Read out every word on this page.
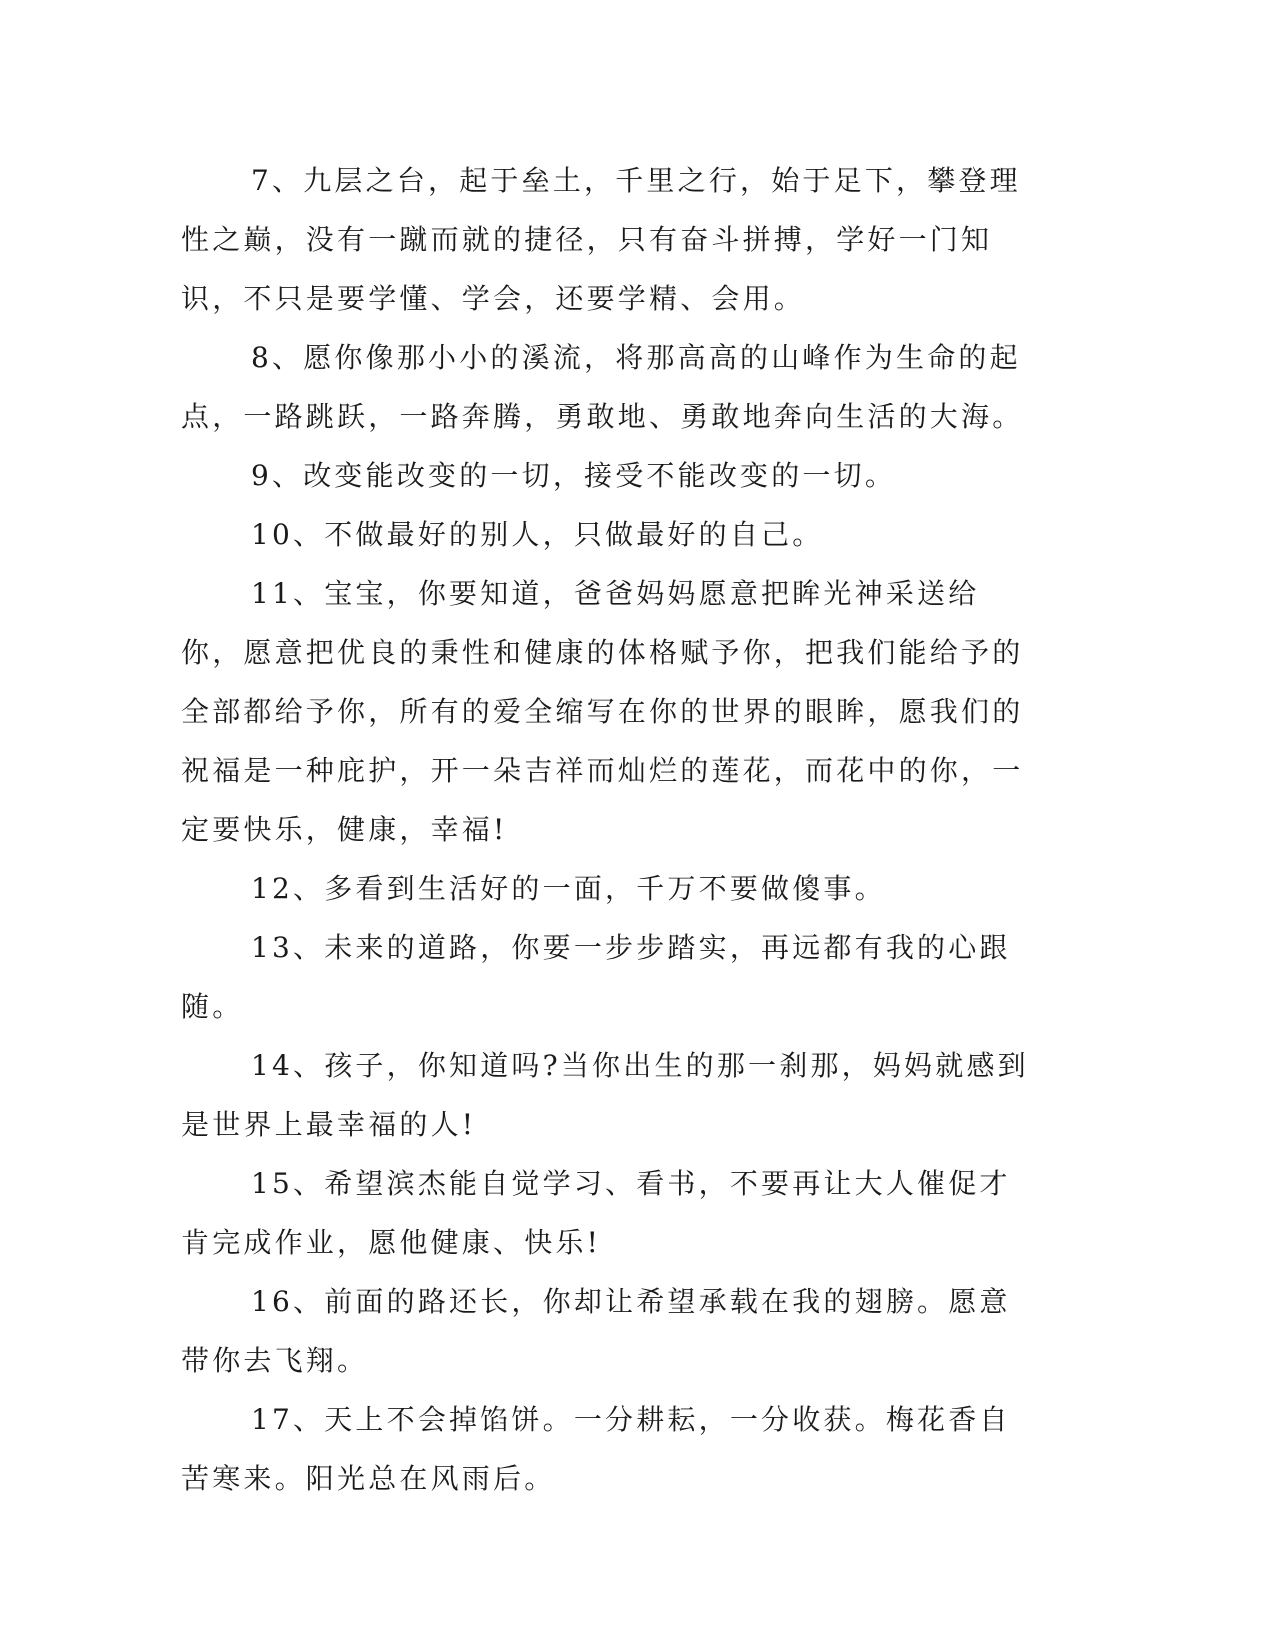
7、九层之台，起于垒土，千里之行，始于足下，攀登理性之巅，没有一蹴而就的捷径，只有奋斗拼搏，学好一门知识，不只是要学懂、学会，还要学精、会用。

8、愿你像那小小的溪流，将那高高的山峰作为生命的起点，一路跳跃，一路奔腾，勇敢地、勇敢地奔向生活的大海。

9、改变能改变的一切，接受不能改变的一切。

10、不做最好的别人，只做最好的自己。

11、宝宝，你要知道，爸爸妈妈愿意把眸光神采送给你，愿意把优良的秉性和健康的体格赋予你，把我们能给予的全部都给予你，所有的爱全缩写在你的世界的眼眸，愿我们的祝福是一种庇护，开一朵吉祥而灿烂的莲花，而花中的你，一定要快乐，健康，幸福!

12、多看到生活好的一面，千万不要做傻事。

13、未来的道路，你要一步步踏实，再远都有我的心跟随。

14、孩子，你知道吗?当你出生的那一刹那，妈妈就感到是世界上最幸福的人!

15、希望滨杰能自觉学习、看书，不要再让大人催促才肯完成作业，愿他健康、快乐!

16、前面的路还长，你却让希望承载在我的翅膀。愿意带你去飞翔。

17、天上不会掉馅饼。一分耕耘，一分收获。梅花香自苦寒来。阳光总在风雨后。
